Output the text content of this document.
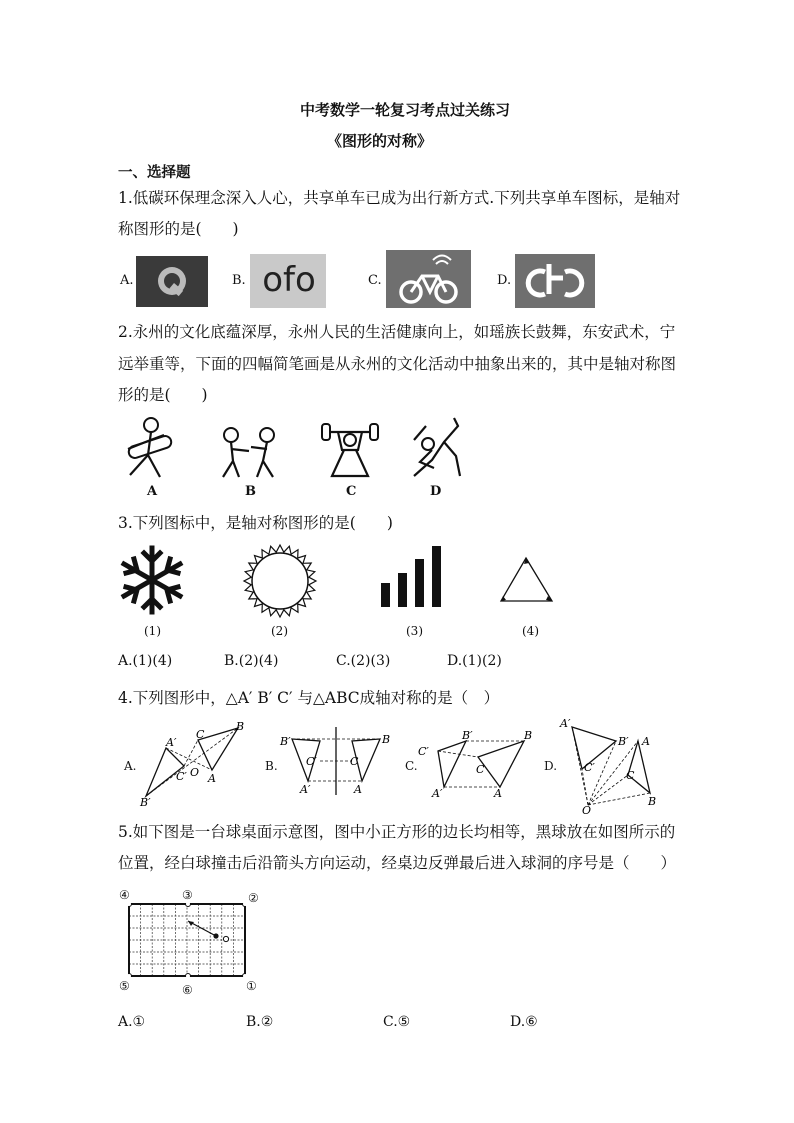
中考数学一轮复习考点过关练习
《图形的对称》
一、选择题
1.低碳环保理念深入人心，共享单车已成为出行新方式.下列共享单车图标，是轴对
称图形的是(　　)
A.	B. ofo	C.	D.
2.永州的文化底蕴深厚，永州人民的生活健康向上，如瑶族长鼓舞，东安武术，宁
远举重等，下面的四幅简笔画是从永州的文化活动中抽象出来的，其中是轴对称图
形的是(　　)
A	B	C	D
3.下列图标中，是轴对称图形的是(　　)
(1)	(2)	(3)	(4)
A.(1)(4)	B.(2)(4)	C.(2)(3)	D.(1)(2)
4.下列图形中，△A′ B′ C′ 与△ABC成轴对称的是（　）
A.
A′
C′
B′
O
C
B
A
B.
B′
C′
A′
B
C
A
C.
C′
B′
A′
B
C
A
D.
A′
B′
C′
A
C
B
O
5.如下图是一台球桌面示意图，图中小正方形的边长均相等，黑球放在如图所示的
位置，经白球撞击后沿箭头方向运动，经桌边反弹最后进入球洞的序号是（　　）
④	③	②
⑤	⑥	①
A.①	B.②	C.⑤	D.⑥
